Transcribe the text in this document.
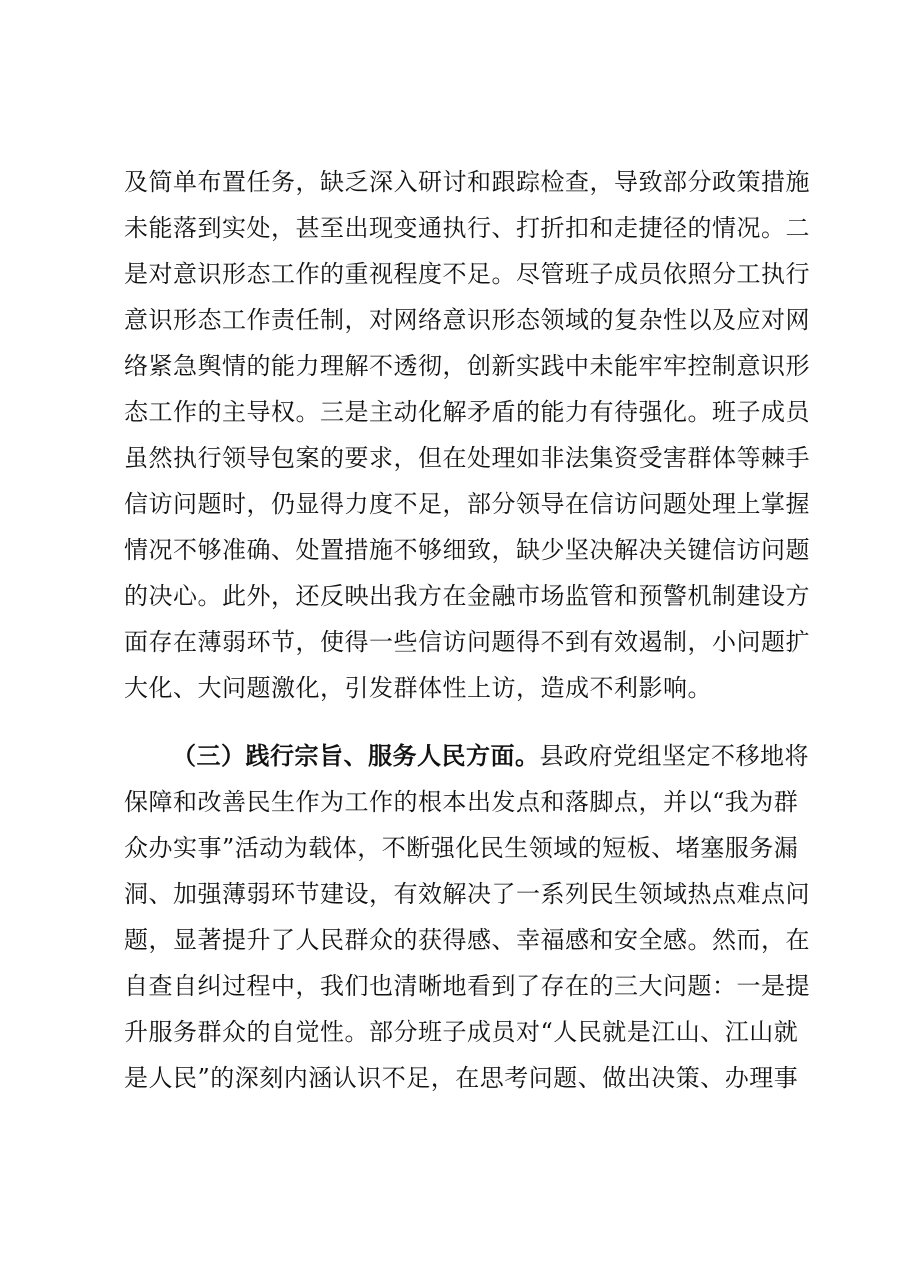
及简单布置任务，缺乏深入研讨和跟踪检查，导致部分政策措施
未能落到实处，甚至出现变通执行、打折扣和走捷径的情况。二
是对意识形态工作的重视程度不足。尽管班子成员依照分工执行
意识形态工作责任制，对网络意识形态领域的复杂性以及应对网
络紧急舆情的能力理解不透彻，创新实践中未能牢牢控制意识形
态工作的主导权。三是主动化解矛盾的能力有待强化。班子成员
虽然执行领导包案的要求，但在处理如非法集资受害群体等棘手
信访问题时，仍显得力度不足，部分领导在信访问题处理上掌握
情况不够准确、处置措施不够细致，缺少坚决解决关键信访问题
的决心。此外，还反映出我方在金融市场监管和预警机制建设方
面存在薄弱环节，使得一些信访问题得不到有效遏制，小问题扩
大化、大问题激化，引发群体性上访，造成不利影响。
（三）践行宗旨、服务人民方面。县政府党组坚定不移地将
保障和改善民生作为工作的根本出发点和落脚点，并以“我为群
众办实事”活动为载体，不断强化民生领域的短板、堵塞服务漏
洞、加强薄弱环节建设，有效解决了一系列民生领域热点难点问
题，显著提升了人民群众的获得感、幸福感和安全感。然而，在
自查自纠过程中，我们也清晰地看到了存在的三大问题：一是提
升服务群众的自觉性。部分班子成员对“人民就是江山、江山就
是人民”的深刻内涵认识不足，在思考问题、做出决策、办理事
